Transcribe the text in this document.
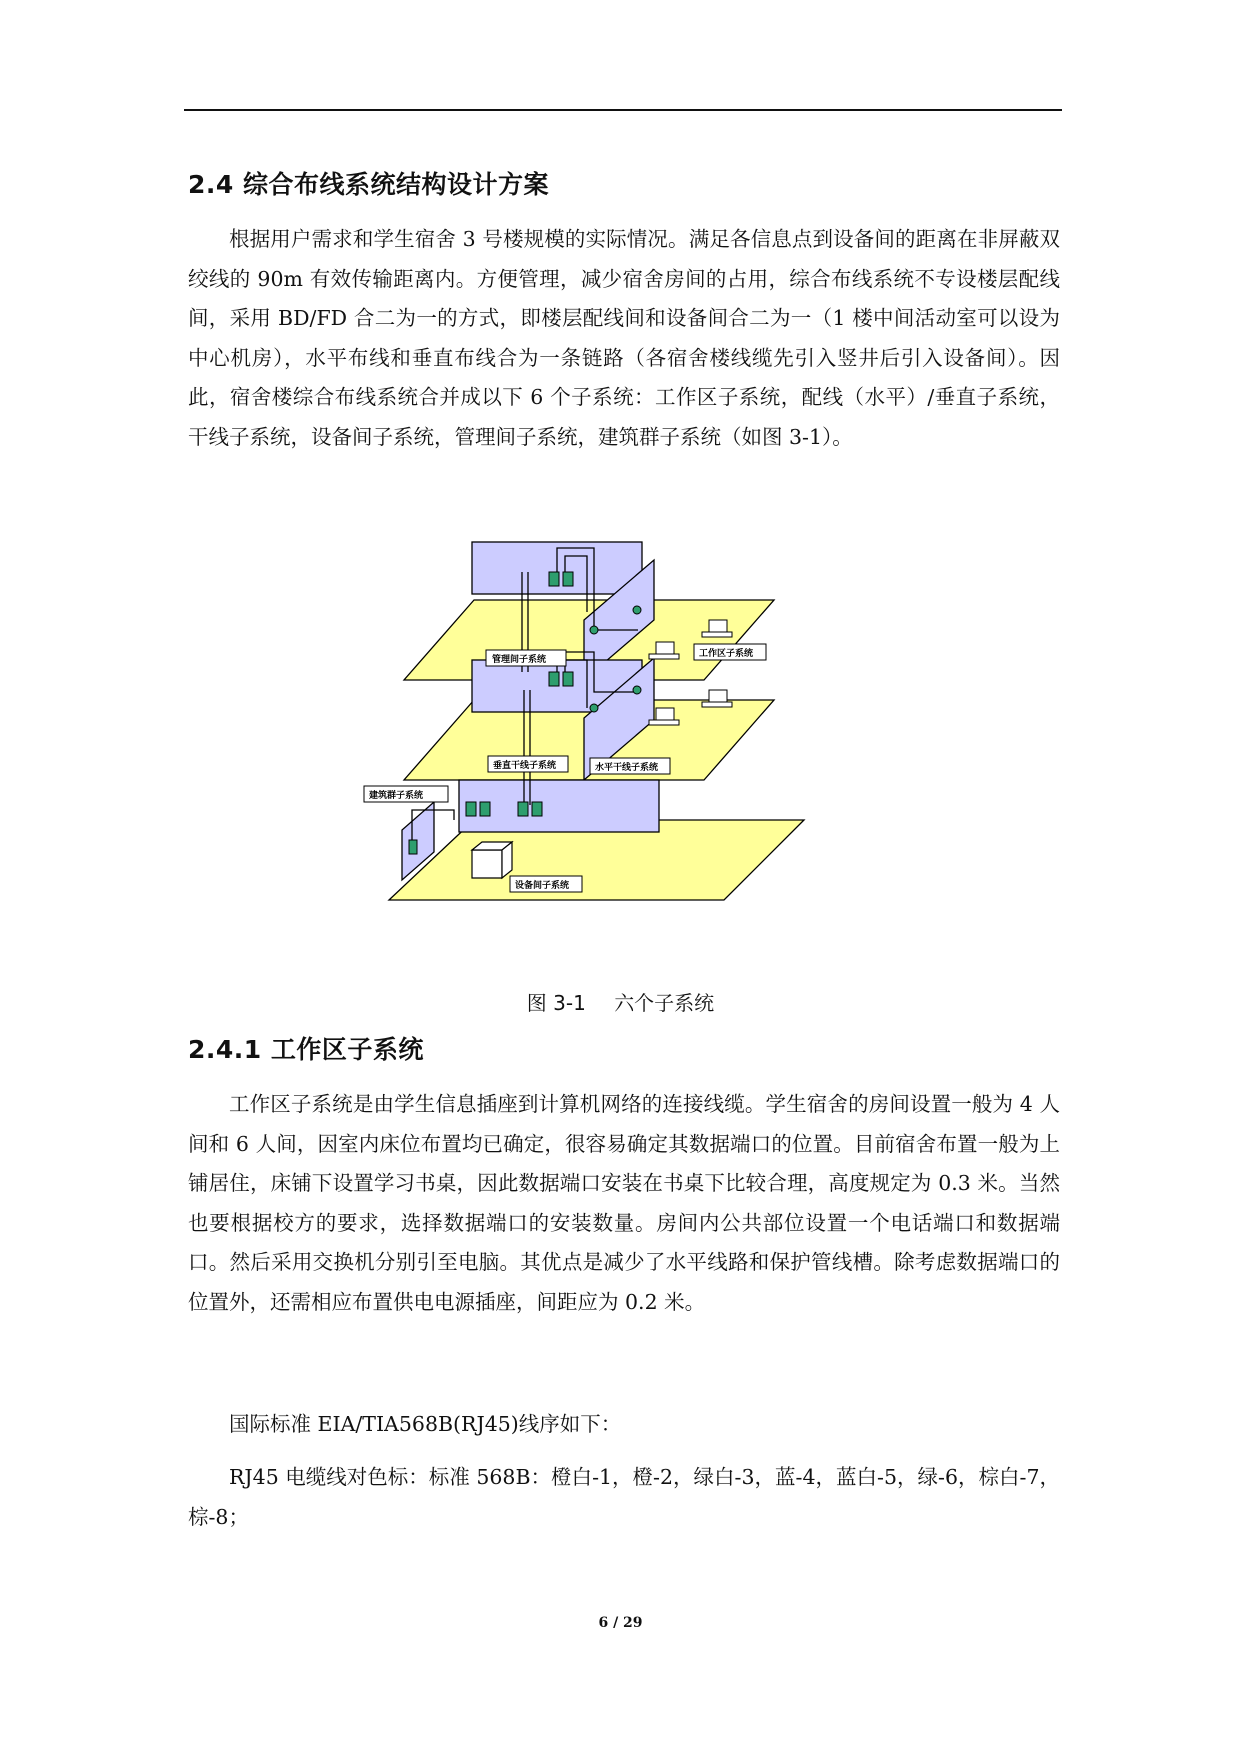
2.4 综合布线系统结构设计方案

根据用户需求和学生宿舍 3 号楼规模的实际情况。满足各信息点到设备间的距离在非屏蔽双绞线的 90m 有效传输距离内。方便管理，减少宿舍房间的占用，综合布线系统不专设楼层配线间，采用 BD/FD 合二为一的方式，即楼层配线间和设备间合二为一（1 楼中间活动室可以设为中心机房），水平布线和垂直布线合为一条链路（各宿舍楼线缆先引入竖井后引入设备间）。因此，宿舍楼综合布线系统合并成以下 6 个子系统：工作区子系统，配线（水平）/垂直子系统，干线子系统，设备间子系统，管理间子系统，建筑群子系统（如图 3-1）。

管理间子系统
工作区子系统
垂直干线子系统	水平干线子系统
建筑群子系统
设备间子系统
图 3-1 六个子系统
2.4.1 工作区子系统

工作区子系统是由学生信息插座到计算机网络的连接线缆。学生宿舍的房间设置一般为 4 人间和 6 人间，因室内床位布置均已确定，很容易确定其数据端口的位置。目前宿舍布置一般为上铺居住，床铺下设置学习书桌，因此数据端口安装在书桌下比较合理，高度规定为 0.3 米。当然也要根据校方的要求，选择数据端口的安装数量。房间内公共部位设置一个电话端口和数据端口。然后采用交换机分别引至电脑。其优点是减少了水平线路和保护管线槽。除考虑数据端口的位置外，还需相应布置供电电源插座，间距应为 0.2 米。

国际标准 EIA/TIA568B(RJ45)线序如下：

RJ45 电缆线对色标：标准 568B：橙白-1，橙-2，绿白-3，蓝-4，蓝白-5，绿-6，棕白-7，棕-8；

6 / 29
